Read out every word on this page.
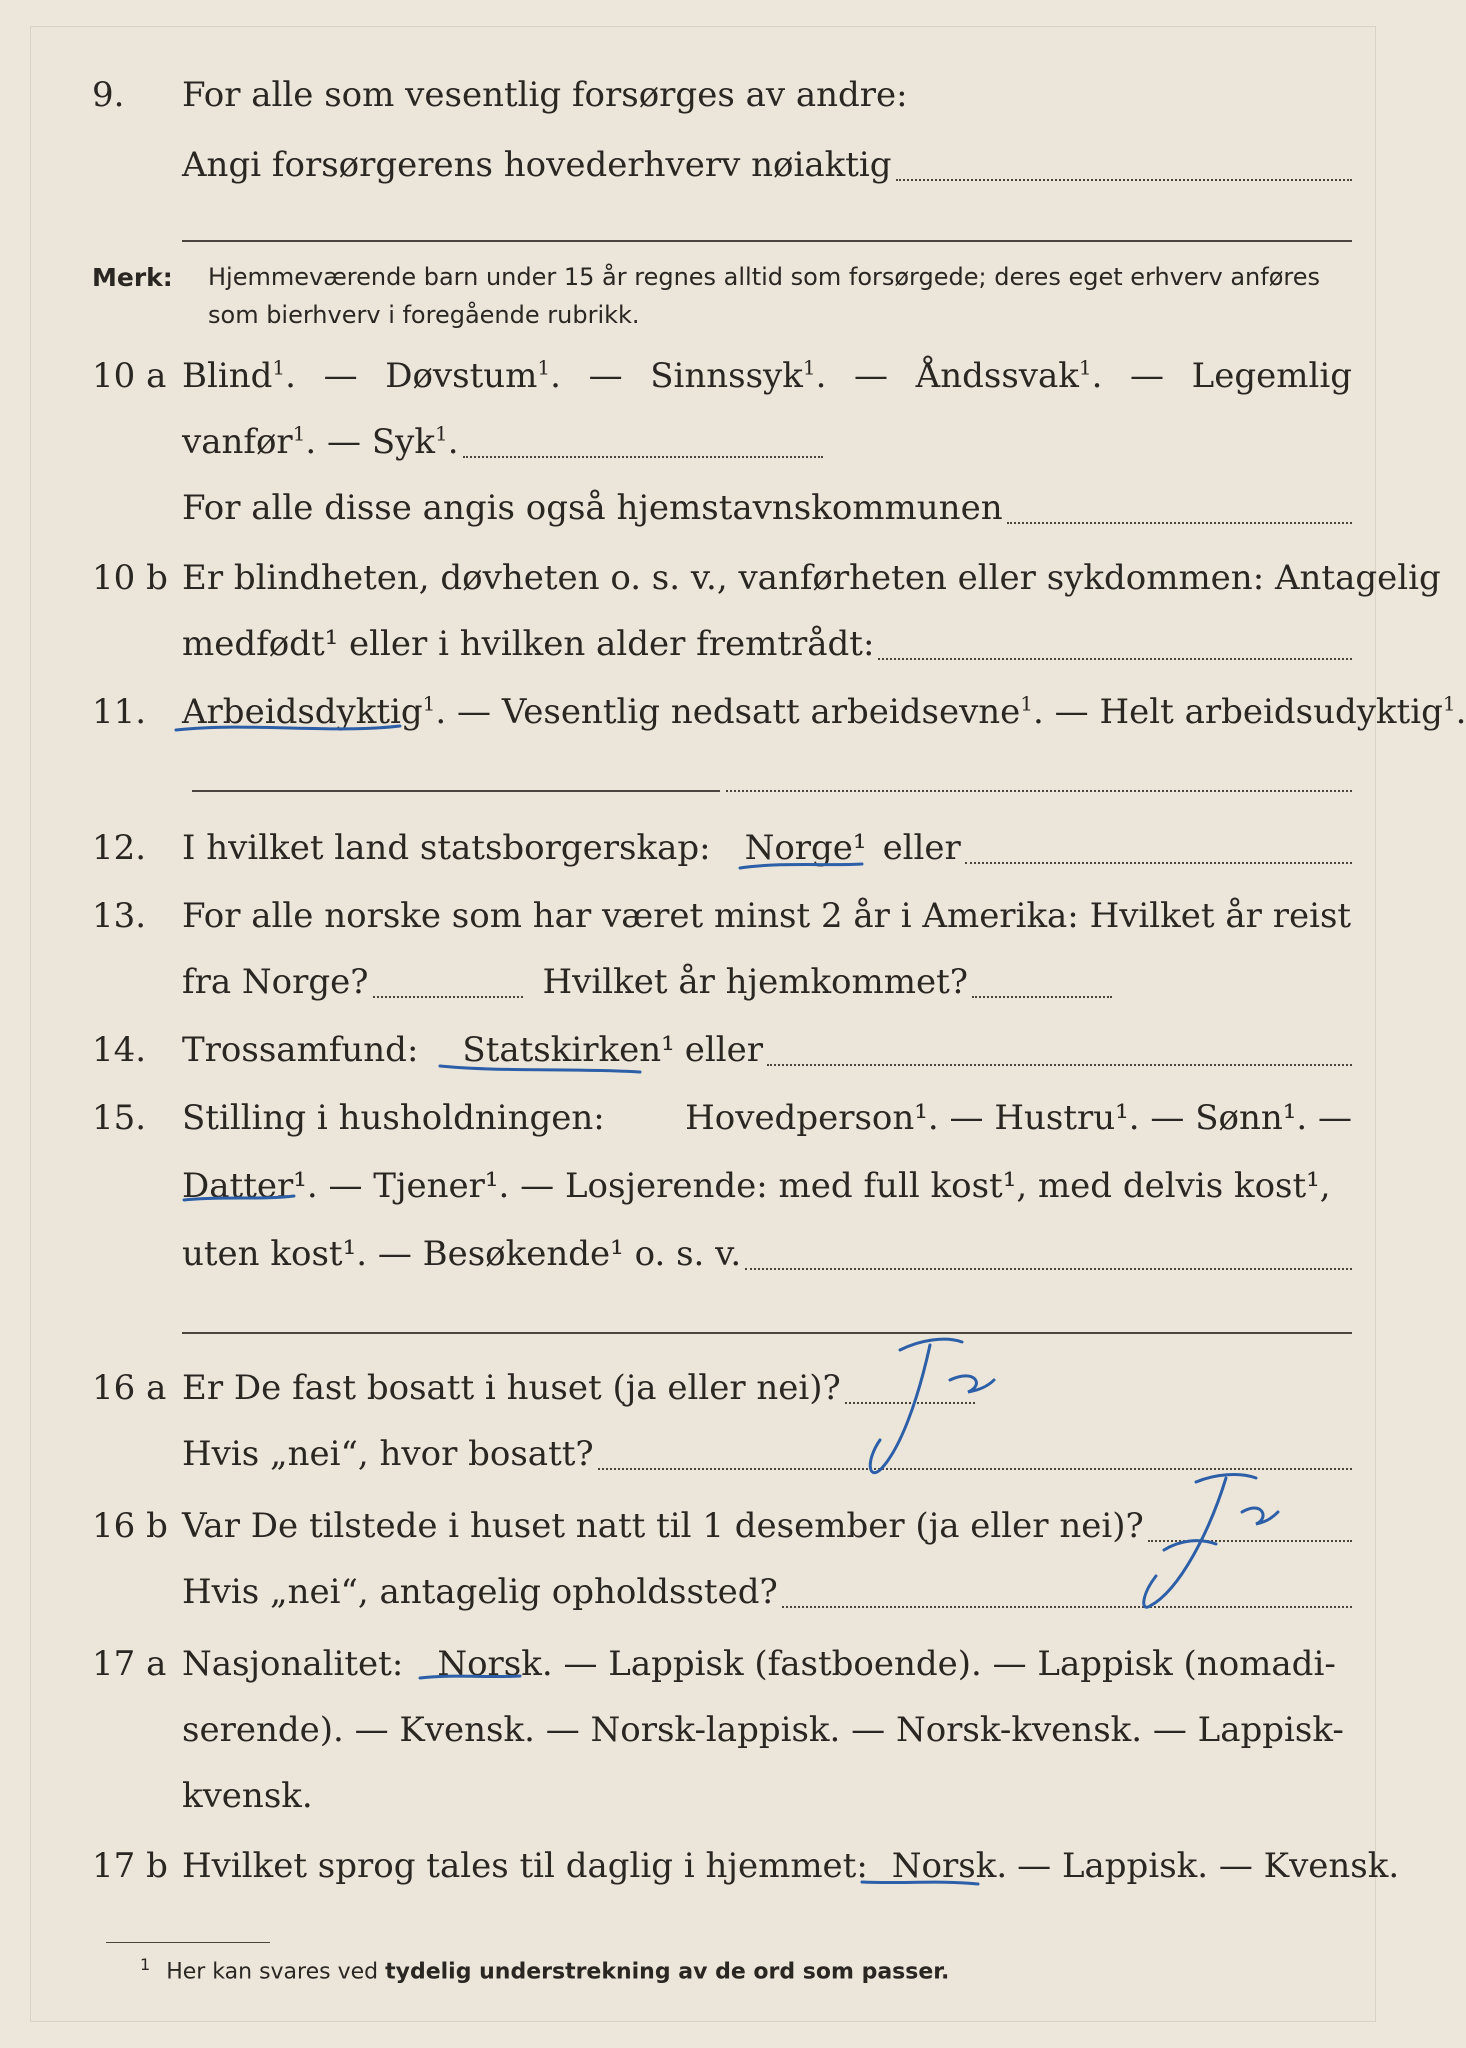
9. For alle som vesentlig forsørges av andre:
Angi forsørgerens hovederhverv nøiaktig
Merk: Hjemmeværende barn under 15 år regnes alltid som forsørgede; deres eget erhverv anføres som bierhverv i foregående rubrikk.
10 a Blind$^1$. — Døvstum$^1$. — Sinnssyk$^1$. — Åndssvak$^1$. — Legemlig
vanfør$^1$. — Syk$^1$.
For alle disse angis også hjemstavnskommunen
10 b Er blindheten, døvheten o. s. v., vanførheten eller sykdommen: Antagelig
medfødt¹ eller i hvilken alder fremtrådt:
11. Arbeidsdyktig$^1$. — Vesentlig nedsatt arbeidsevne$^1$. — Helt arbeidsudyktig$^1$.
12. I hvilket land statsborgerskap: Norge¹ eller
13. For alle norske som har været minst 2 år i Amerika: Hvilket år reist
fra Norge?	Hvilket år hjemkommet?
14. Trossamfund: Statskirken¹ eller
15. Stilling i husholdningen: Hovedperson¹. — Hustru¹. — Sønn¹. —
Datter¹ . — Tjener¹. — Losjerende: med full kost¹, med delvis kost¹,
uten kost¹. — Besøkende¹ o. s. v.
16 a Er De fast bosatt i huset (ja eller nei)?
Hvis „nei“, hvor bosatt?
16 b Var De tilstede i huset natt til 1 desember (ja eller nei)?
Hvis „nei“, antagelig opholdssted?
17 a Nasjonalitet: Norsk . — Lappisk (fastboende). — Lappisk (nomadi-
serende). — Kvensk. — Norsk-lappisk. — Norsk-kvensk. — Lappisk-
kvensk.
17 b Hvilket sprog tales til daglig i hjemmet: Norsk. — Lappisk. — Kvensk.
$^1$ Her kan svares ved tydelig understrekning av de ord som passer.
